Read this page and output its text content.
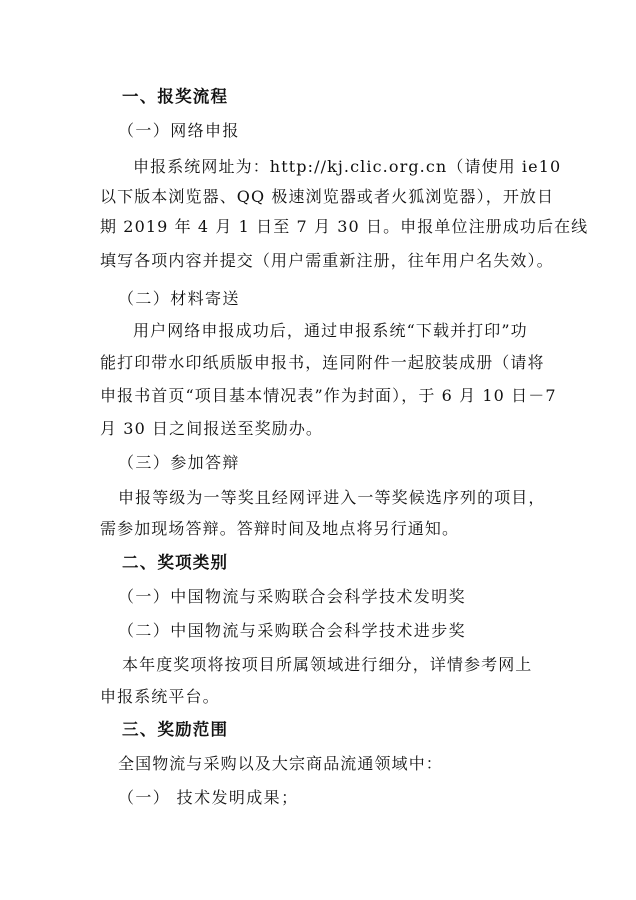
一、报奖流程
（一）网络申报
申报系统网址为：http://kj.clic.org.cn（请使用 ie10
以下版本浏览器、QQ 极速浏览器或者火狐浏览器），开放日
期 2019 年 4 月 1 日至 7 月 30 日。申报单位注册成功后在线
填写各项内容并提交（用户需重新注册，往年用户名失效）。
（二）材料寄送
用户网络申报成功后，通过申报系统“下载并打印”功
能打印带水印纸质版申报书，连同附件一起胶装成册（请将
申报书首页“项目基本情况表”作为封面），于 6 月 10 日－7
月 30 日之间报送至奖励办。
（三）参加答辩
申报等级为一等奖且经网评进入一等奖候选序列的项目，
需参加现场答辩。答辩时间及地点将另行通知。
二、奖项类别
（一）中国物流与采购联合会科学技术发明奖
（二）中国物流与采购联合会科学技术进步奖
本年度奖项将按项目所属领域进行细分，详情参考网上
申报系统平台。
三、奖励范围
全国物流与采购以及大宗商品流通领域中：
（一） 技术发明成果；
